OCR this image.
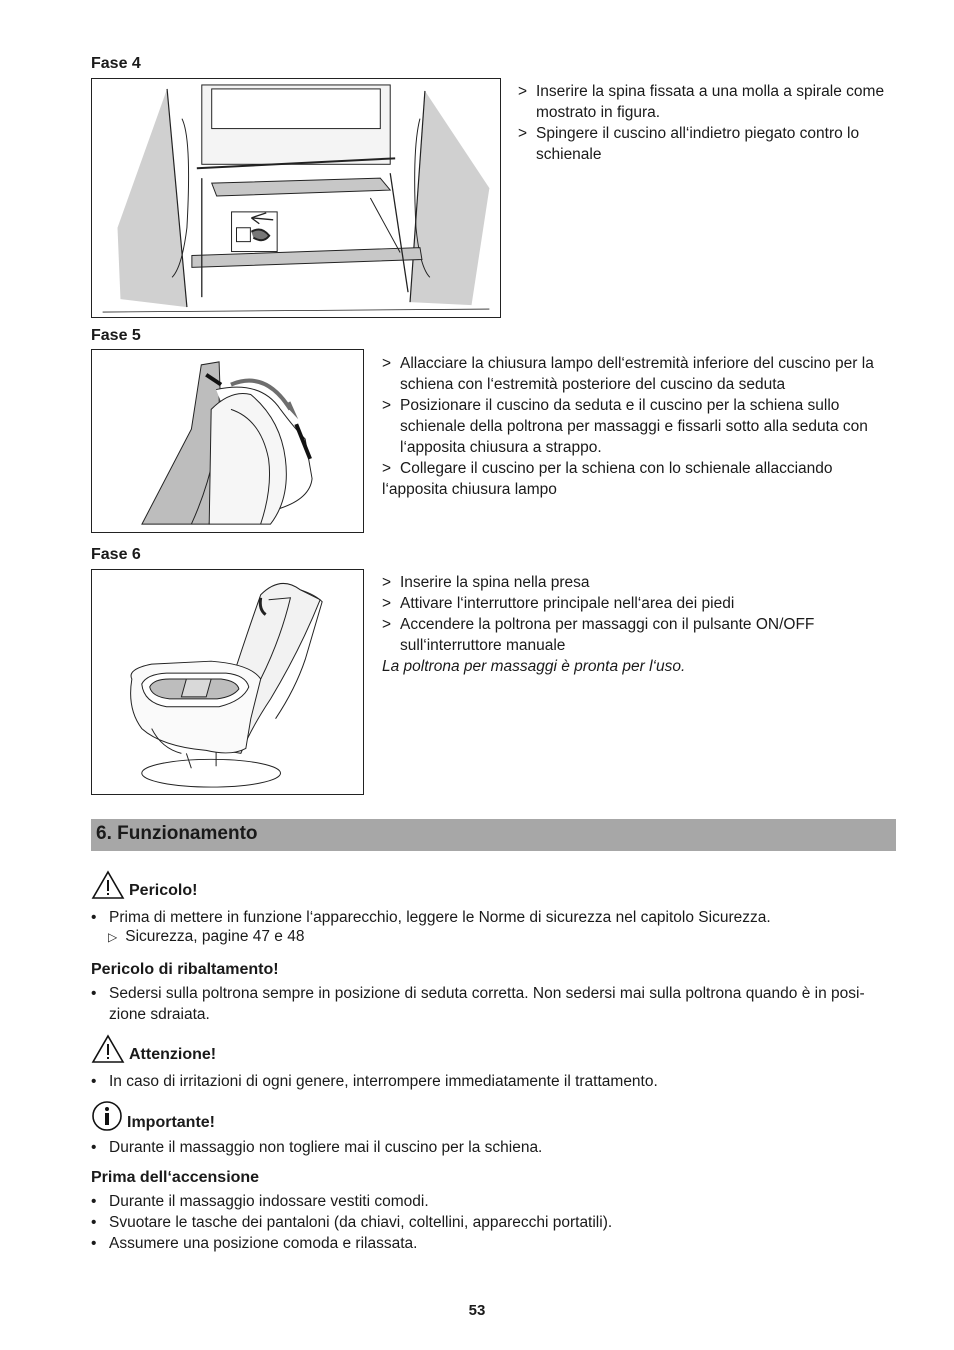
Fase 4
> Inserire la spina fissata a una molla a spirale come mostrato in figura.
> Spingere il cuscino all‘indietro piegato contro lo schienale
Fase 5
> Allacciare la chiusura lampo dell‘estremità inferiore del cuscino per la schiena con l‘estremità posteriore del cuscino da seduta
> Posizionare il cuscino da seduta e il cuscino per la schiena sullo schienale della poltrona per massaggi e fissarli sotto alla seduta con l‘apposita chiusura a strappo.
> Collegare il cuscino per la schiena con lo schienale allacciando
l‘apposita chiusura lampo
Fase 6
> Inserire la spina nella presa
> Attivare l‘interruttore principale nell‘area dei piedi
> Accendere la poltrona per massaggi con il pulsante ON/OFF sull‘interruttore manuale
La poltrona per massaggi è pronta per l‘uso.
6. Funzionamento
Pericolo!
• Prima di mettere in funzione l‘apparecchio, leggere le Norme di sicurezza nel capitolo Sicurezza.
▷ Sicurezza, pagine 47 e 48
Pericolo di ribaltamento!
• Sedersi sulla poltrona sempre in posizione di seduta corretta. Non sedersi mai sulla poltrona quando è in posi-zione sdraiata.
Attenzione!
• In caso di irritazioni di ogni genere, interrompere immediatamente il trattamento.
Importante!
• Durante il massaggio non togliere mai il cuscino per la schiena.
Prima dell‘accensione
• Durante il massaggio indossare vestiti comodi.
• Svuotare le tasche dei pantaloni (da chiavi, coltellini, apparecchi portatili).
• Assumere una posizione comoda e rilassata.
53
